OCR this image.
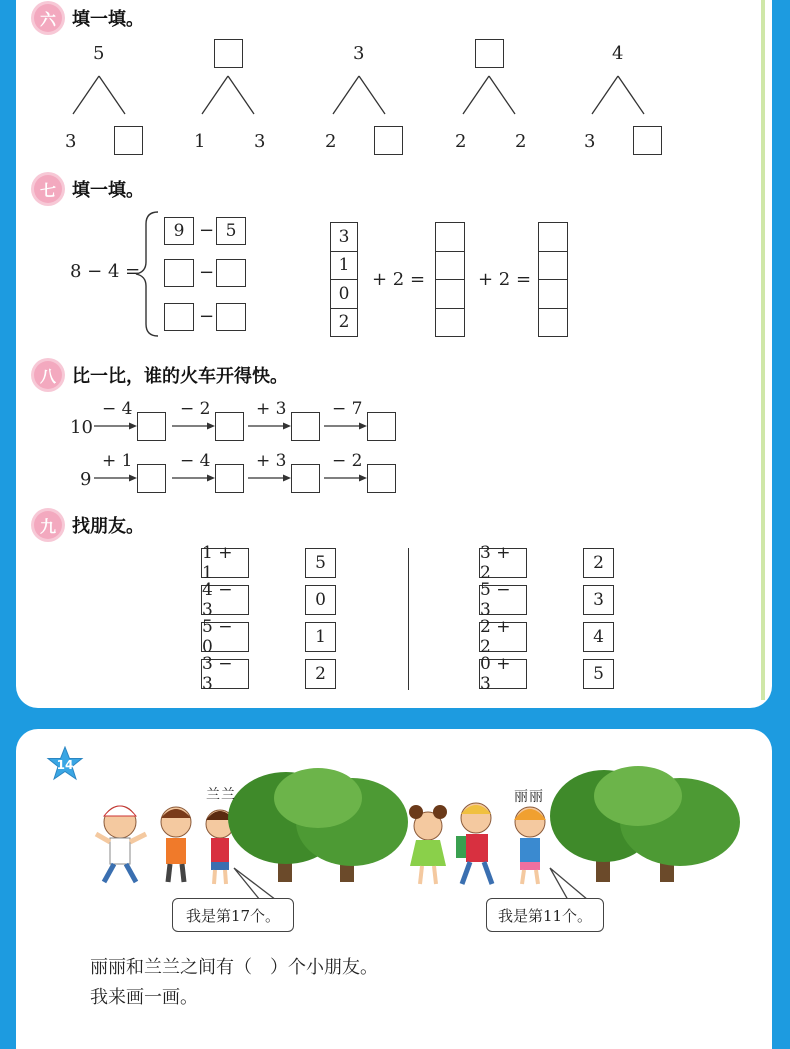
六 填一填。
5
3	1	3
3
2	2	2
4
3
七 填一填。
8 − 4 =
9 − 5
−
−
3
1
0
2
+ 2 =	+ 2 =
八 比一比，谁的火车开得快。
10
− 4	− 2	+ 3	− 7
9
+ 1	− 4	+ 3	− 2
九 找朋友。
1 + 1
4 − 3
5 − 0
3 − 3
5
0
1
2
3 + 2
5 − 3
2 + 2
0 + 3
2
3
4
5
14
兰兰	丽丽
我是第17个。	我是第11个。
丽丽和兰兰之间有（　）个小朋友。
我来画一画。
